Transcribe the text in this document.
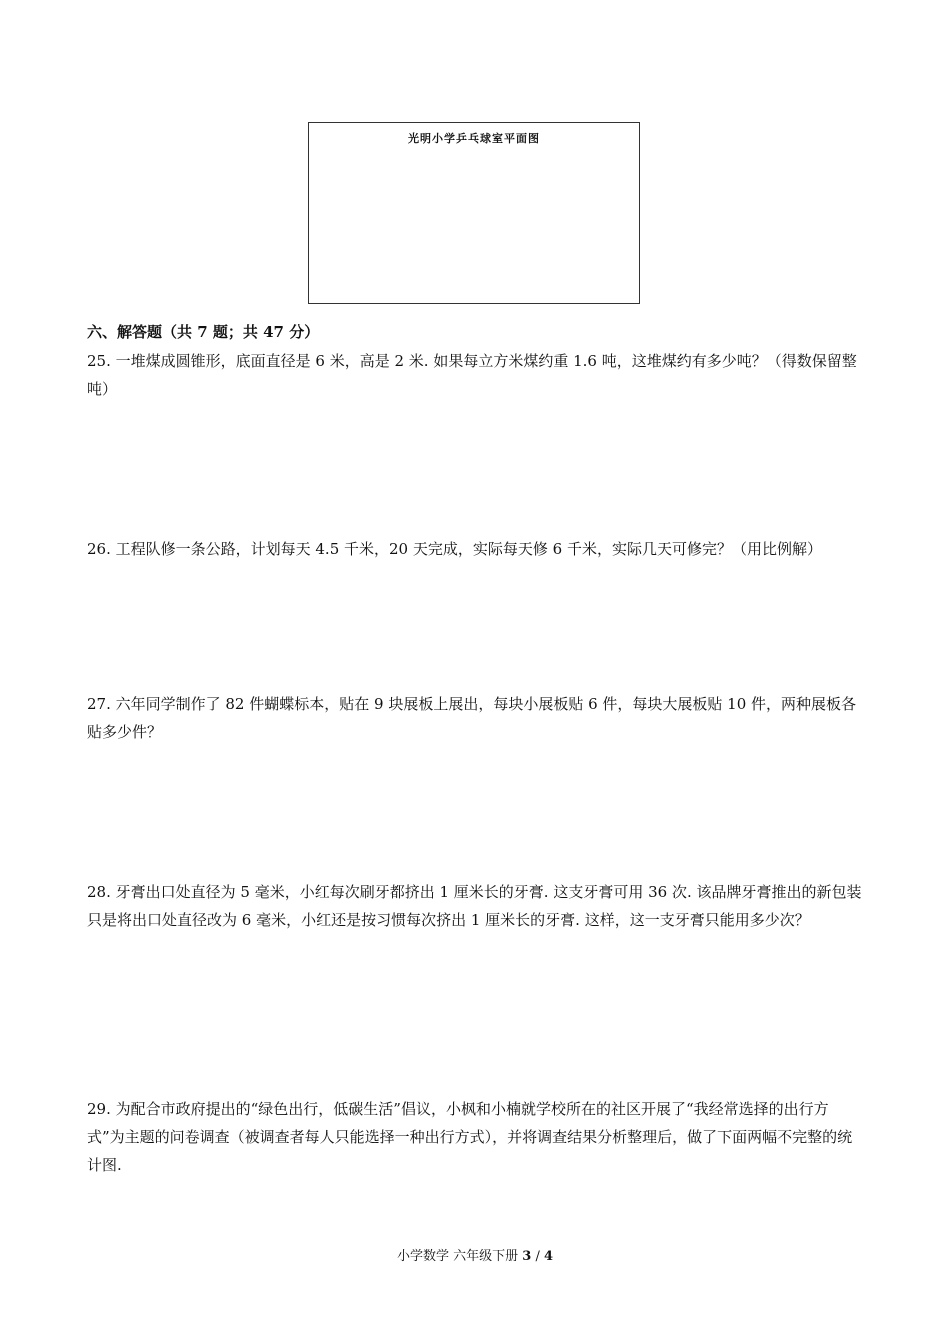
光明小学乒乓球室平面图
六、解答题（共 7 题；共 47 分）
25. 一堆煤成圆锥形，底面直径是 6 米，高是 2 米. 如果每立方米煤约重 1.6 吨，这堆煤约有多少吨？（得数保留整吨）
26. 工程队修一条公路，计划每天 4.5 千米，20 天完成，实际每天修 6 千米，实际几天可修完？（用比例解）
27. 六年同学制作了 82 件蝴蝶标本，贴在 9 块展板上展出，每块小展板贴 6 件，每块大展板贴 10 件，两种展板各贴多少件？
28. 牙膏出口处直径为 5 毫米，小红每次刷牙都挤出 1 厘米长的牙膏. 这支牙膏可用 36 次. 该品牌牙膏推出的新包装只是将出口处直径改为 6 毫米，小红还是按习惯每次挤出 1 厘米长的牙膏. 这样，这一支牙膏只能用多少次？
29. 为配合市政府提出的“绿色出行，低碳生活”倡议，小枫和小楠就学校所在的社区开展了“我经常选择的出行方式”为主题的问卷调查（被调查者每人只能选择一种出行方式），并将调查结果分析整理后，做了下面两幅不完整的统计图.
小学数学 六年级下册 3 / 4
